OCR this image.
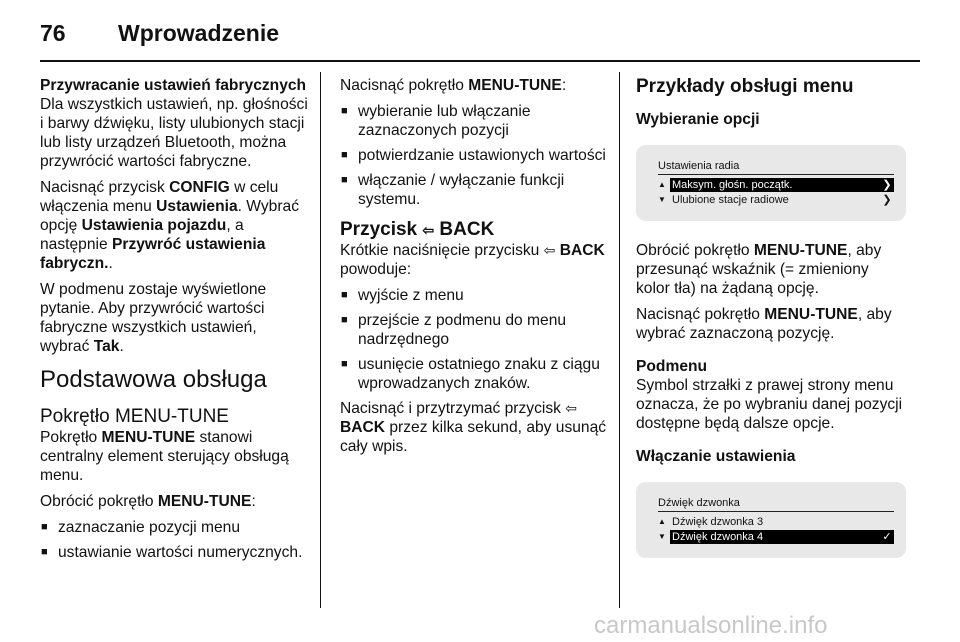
76 Wprowadzenie

Przywracanie ustawień fabrycznych

Dla wszystkich ustawień, np. głośności i barwy dźwięku, listy ulubionych stacji lub listy urządzeń Bluetooth, można przywrócić wartości fabryczne.

Nacisnąć przycisk CONFIG w celu włączenia menu Ustawienia. Wybrać opcję Ustawienia pojazdu, a następnie Przywróć ustawienia fabryczn..

W podmenu zostaje wyświetlone pytanie. Aby przywrócić wartości fabryczne wszystkich ustawień, wybrać Tak.

Podstawowa obsługa

Pokrętło MENU-TUNE

Pokrętło MENU-TUNE stanowi centralny element sterujący obsługą menu.

Obrócić pokrętło MENU-TUNE:

■ zaznaczanie pozycji menu
■ ustawianie wartości numerycznych.

Nacisnąć pokrętło MENU-TUNE:

■ wybieranie lub włączanie zaznaczonych pozycji
■ potwierdzanie ustawionych wartości
■ włączanie / wyłączanie funkcji systemu.

Przycisk ⇦ BACK

Krótkie naciśnięcie przycisku ⇦ BACK powoduje:

■ wyjście z menu
■ przejście z podmenu do menu nadrzędnego
■ usunięcie ostatniego znaku z ciągu wprowadzanych znaków.

Nacisnąć i przytrzymać przycisk ⇦ BACK przez kilka sekund, aby usunąć cały wpis.

Przykłady obsługi menu

Wybieranie opcji

Ustawienia radia
▲ Maksym. głośn. początk.	❯
▼ Ulubione stacje radiowe	❯

Obrócić pokrętło MENU-TUNE, aby przesunąć wskaźnik (= zmieniony kolor tła) na żądaną opcję.

Nacisnąć pokrętło MENU-TUNE, aby wybrać zaznaczoną pozycję.

Podmenu

Symbol strzałki z prawej strony menu oznacza, że po wybraniu danej pozycji dostępne będą dalsze opcje.

Włączanie ustawienia

Dźwięk dzwonka
▲ Dźwięk dzwonka 3
▼ Dźwięk dzwonka 4	✓
carmanualsonline.info
